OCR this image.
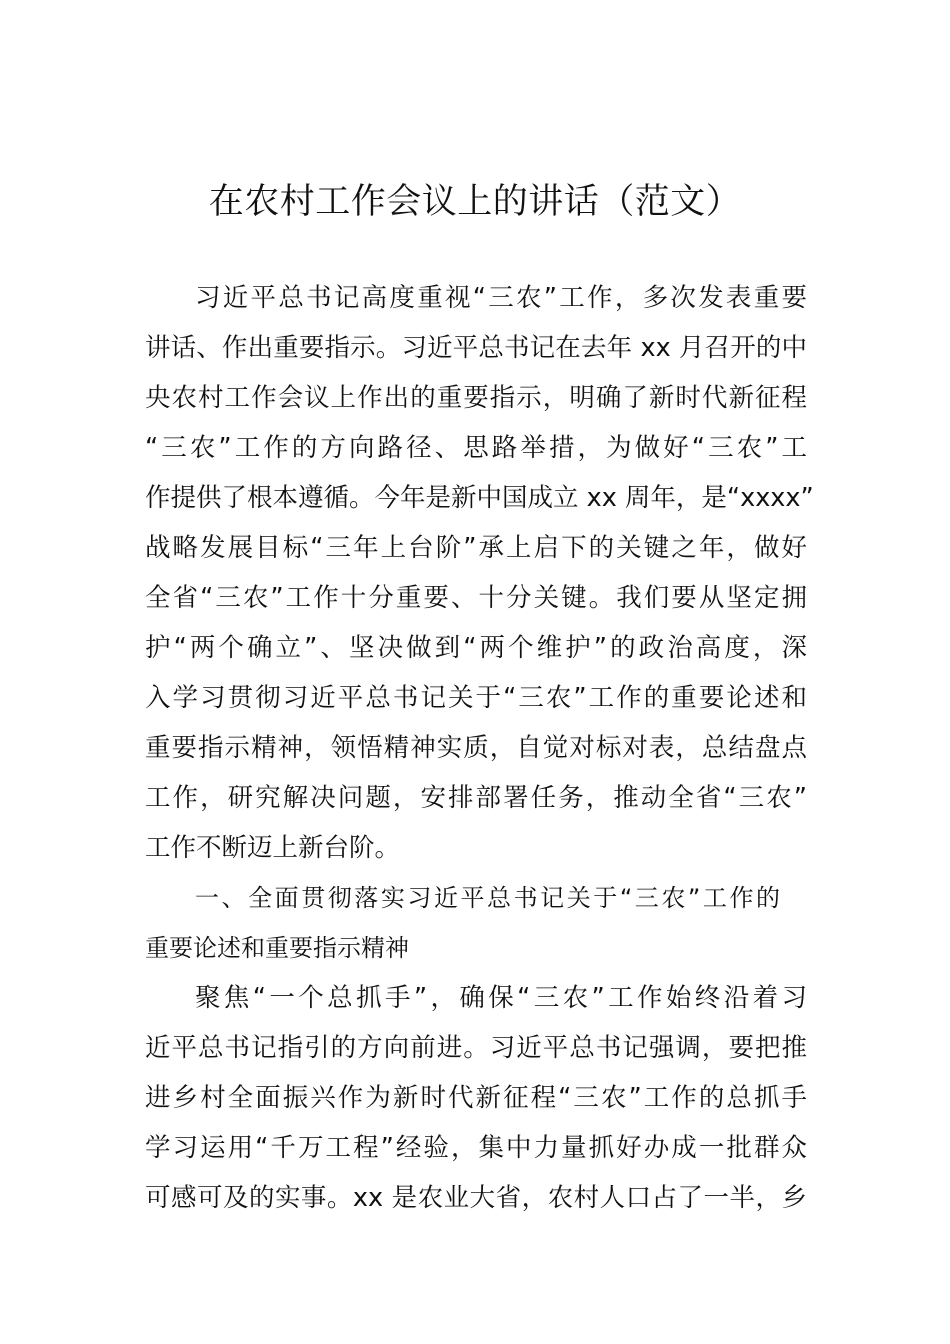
在农村工作会议上的讲话（范文）
习近平总书记高度重视“三农”工作，多次发表重要
讲话、作出重要指示。习近平总书记在去年 xx 月召开的中
央农村工作会议上作出的重要指示，明确了新时代新征程
“三农”工作的方向路径、思路举措，为做好“三农”工
作提供了根本遵循。今年是新中国成立 xx 周年，是“xxxx”
战略发展目标“三年上台阶”承上启下的关键之年，做好
全省“三农”工作十分重要、十分关键。我们要从坚定拥
护“两个确立”、坚决做到“两个维护”的政治高度，深
入学习贯彻习近平总书记关于“三农”工作的重要论述和
重要指示精神，领悟精神实质，自觉对标对表，总结盘点
工作，研究解决问题，安排部署任务，推动全省“三农”
工作不断迈上新台阶。
一、全面贯彻落实习近平总书记关于“三农”工作的
重要论述和重要指示精神
聚焦“一个总抓手”，确保“三农”工作始终沿着习
近平总书记指引的方向前进。习近平总书记强调，要把推
进乡村全面振兴作为新时代新征程“三农”工作的总抓手
学习运用“千万工程”经验，集中力量抓好办成一批群众
可感可及的实事。xx 是农业大省，农村人口占了一半，乡
